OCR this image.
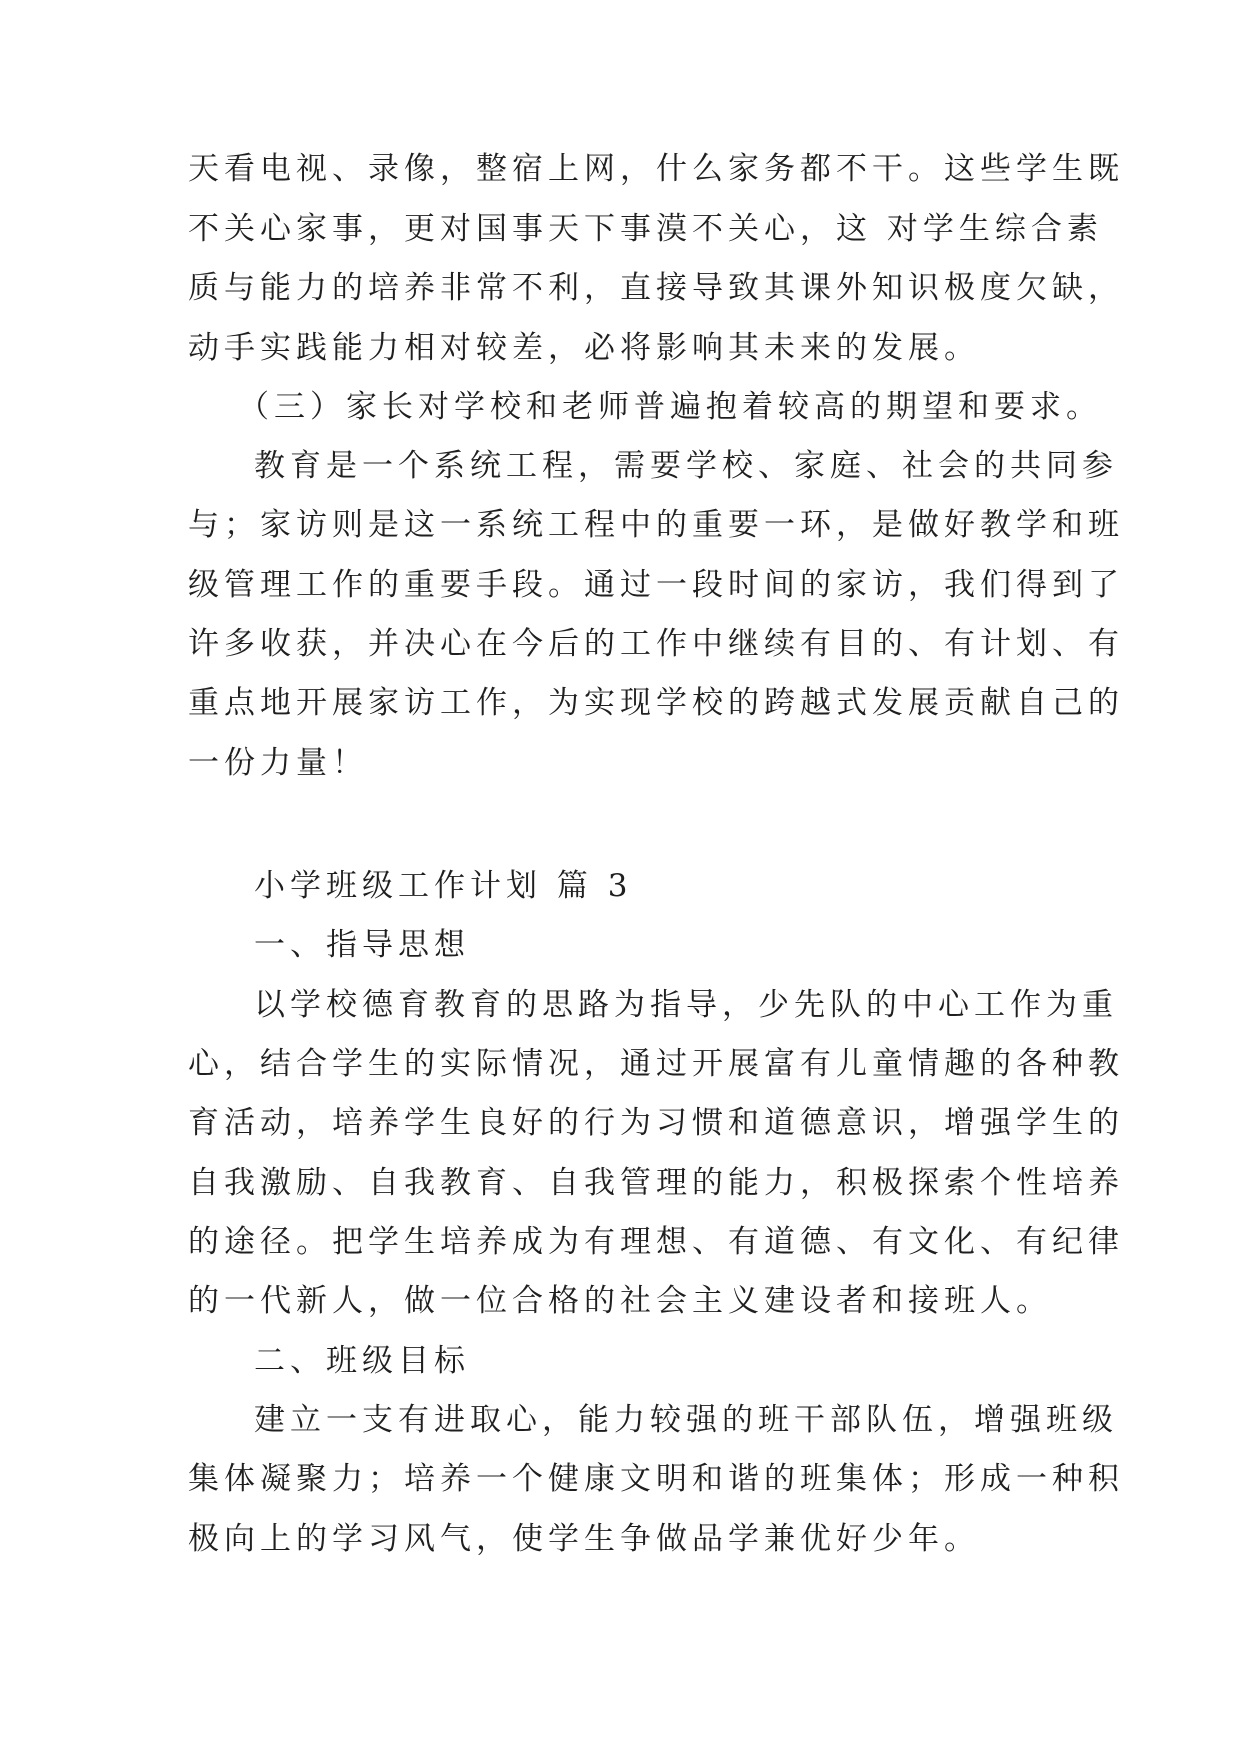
天看电视、录像，整宿上网，什么家务都不干。这些学生既
不关心家事，更对国事天下事漠不关心，这 对学生综合素
质与能力的培养非常不利，直接导致其课外知识极度欠缺，
动手实践能力相对较差，必将影响其未来的发展。
（三）家长对学校和老师普遍抱着较高的期望和要求。
教育是一个系统工程，需要学校、家庭、社会的共同参
与；家访则是这一系统工程中的重要一环，是做好教学和班
级管理工作的重要手段。通过一段时间的家访，我们得到了
许多收获，并决心在今后的工作中继续有目的、有计划、有
重点地开展家访工作，为实现学校的跨越式发展贡献自己的
一份力量！
小学班级工作计划 篇 3
一、指导思想
以学校德育教育的思路为指导，少先队的中心工作为重
心，结合学生的实际情况，通过开展富有儿童情趣的各种教
育活动，培养学生良好的行为习惯和道德意识，增强学生的
自我激励、自我教育、自我管理的能力，积极探索个性培养
的途径。把学生培养成为有理想、有道德、有文化、有纪律
的一代新人，做一位合格的社会主义建设者和接班人。
二、班级目标
建立一支有进取心，能力较强的班干部队伍，增强班级
集体凝聚力；培养一个健康文明和谐的班集体；形成一种积
极向上的学习风气，使学生争做品学兼优好少年。
